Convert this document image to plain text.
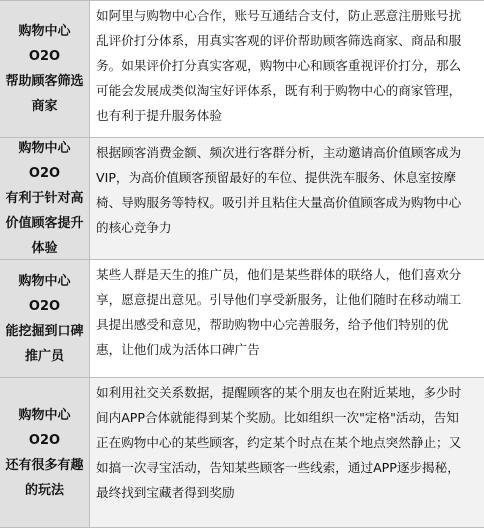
购物中心O2O
帮助顾客筛选
商家
如阿里与购物中心合作，账号互通结合支付，防止恶意注册账号扰
乱评价打分体系，用真实客观的评价帮助顾客筛选商家、商品和服
务。如果评价打分真实客观，购物中心和顾客重视评价打分，那么
可能会发展成类似淘宝好评体系，既有利于购物中心的商家管理，
也有利于提升服务体验
购物中心O2O
有利于针对高
价值顾客提升
体验
根据顾客消费金额、频次进行客群分析，主动邀请高价值顾客成为
VIP，为高价值顾客预留最好的车位、提供洗车服务、休息室按摩
椅、导购服务等特权。吸引并且粘住大量高价值顾客成为购物中心
的核心竞争力
购物中心O2O
能挖掘到口碑
推广员
某些人群是天生的推广员，他们是某些群体的联络人，他们喜欢分
享，愿意提出意见。引导他们享受新服务，让他们随时在移动端工
具提出感受和意见，帮助购物中心完善服务，给予他们特别的优
惠，让他们成为活体口碑广告
购物中心O2O
还有很多有趣
的玩法
如利用社交关系数据，提醒顾客的某个朋友也在附近某地，多少时
间内APP合体就能得到某个奖励。比如组织一次"定格"活动，告知
正在购物中心的某些顾客，约定某个时点在某个地点突然静止；又
如搞一次寻宝活动，告知某些顾客一些线索，通过APP逐步揭秘，
最终找到宝藏者得到奖励
